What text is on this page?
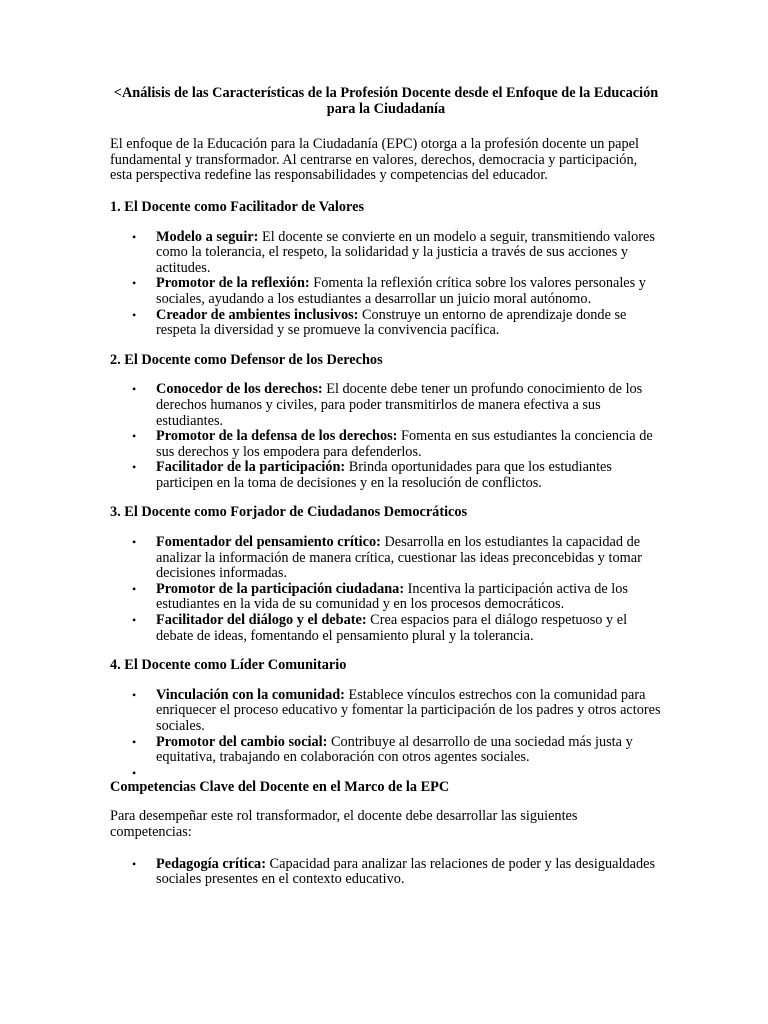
<Análisis de las Características de la Profesión Docente desde el Enfoque de la Educación para la Ciudadanía

El enfoque de la Educación para la Ciudadanía (EPC) otorga a la profesión docente un papel fundamental y transformador. Al centrarse en valores, derechos, democracia y participación, esta perspectiva redefine las responsabilidades y competencias del educador.

1. El Docente como Facilitador de Valores
• Modelo a seguir: El docente se convierte en un modelo a seguir, transmitiendo valores como la tolerancia, el respeto, la solidaridad y la justicia a través de sus acciones y actitudes.
• Promotor de la reflexión: Fomenta la reflexión crítica sobre los valores personales y sociales, ayudando a los estudiantes a desarrollar un juicio moral autónomo.
• Creador de ambientes inclusivos: Construye un entorno de aprendizaje donde se respeta la diversidad y se promueve la convivencia pacífica.
2. El Docente como Defensor de los Derechos
• Conocedor de los derechos: El docente debe tener un profundo conocimiento de los derechos humanos y civiles, para poder transmitirlos de manera efectiva a sus estudiantes.
• Promotor de la defensa de los derechos: Fomenta en sus estudiantes la conciencia de sus derechos y los empodera para defenderlos.
• Facilitador de la participación: Brinda oportunidades para que los estudiantes participen en la toma de decisiones y en la resolución de conflictos.
3. El Docente como Forjador de Ciudadanos Democráticos
• Fomentador del pensamiento crítico: Desarrolla en los estudiantes la capacidad de analizar la información de manera crítica, cuestionar las ideas preconcebidas y tomar decisiones informadas.
• Promotor de la participación ciudadana: Incentiva la participación activa de los estudiantes en la vida de su comunidad y en los procesos democráticos.
• Facilitador del diálogo y el debate: Crea espacios para el diálogo respetuoso y el debate de ideas, fomentando el pensamiento plural y la tolerancia.
4. El Docente como Líder Comunitario
• Vinculación con la comunidad: Establece vínculos estrechos con la comunidad para enriquecer el proceso educativo y fomentar la participación de los padres y otros actores sociales.
• Promotor del cambio social: Contribuye al desarrollo de una sociedad más justa y equitativa, trabajando en colaboración con otros agentes sociales.
•
Competencias Clave del Docente en el Marco de la EPC

Para desempeñar este rol transformador, el docente debe desarrollar las siguientes competencias:

• Pedagogía crítica: Capacidad para analizar las relaciones de poder y las desigualdades sociales presentes en el contexto educativo.
